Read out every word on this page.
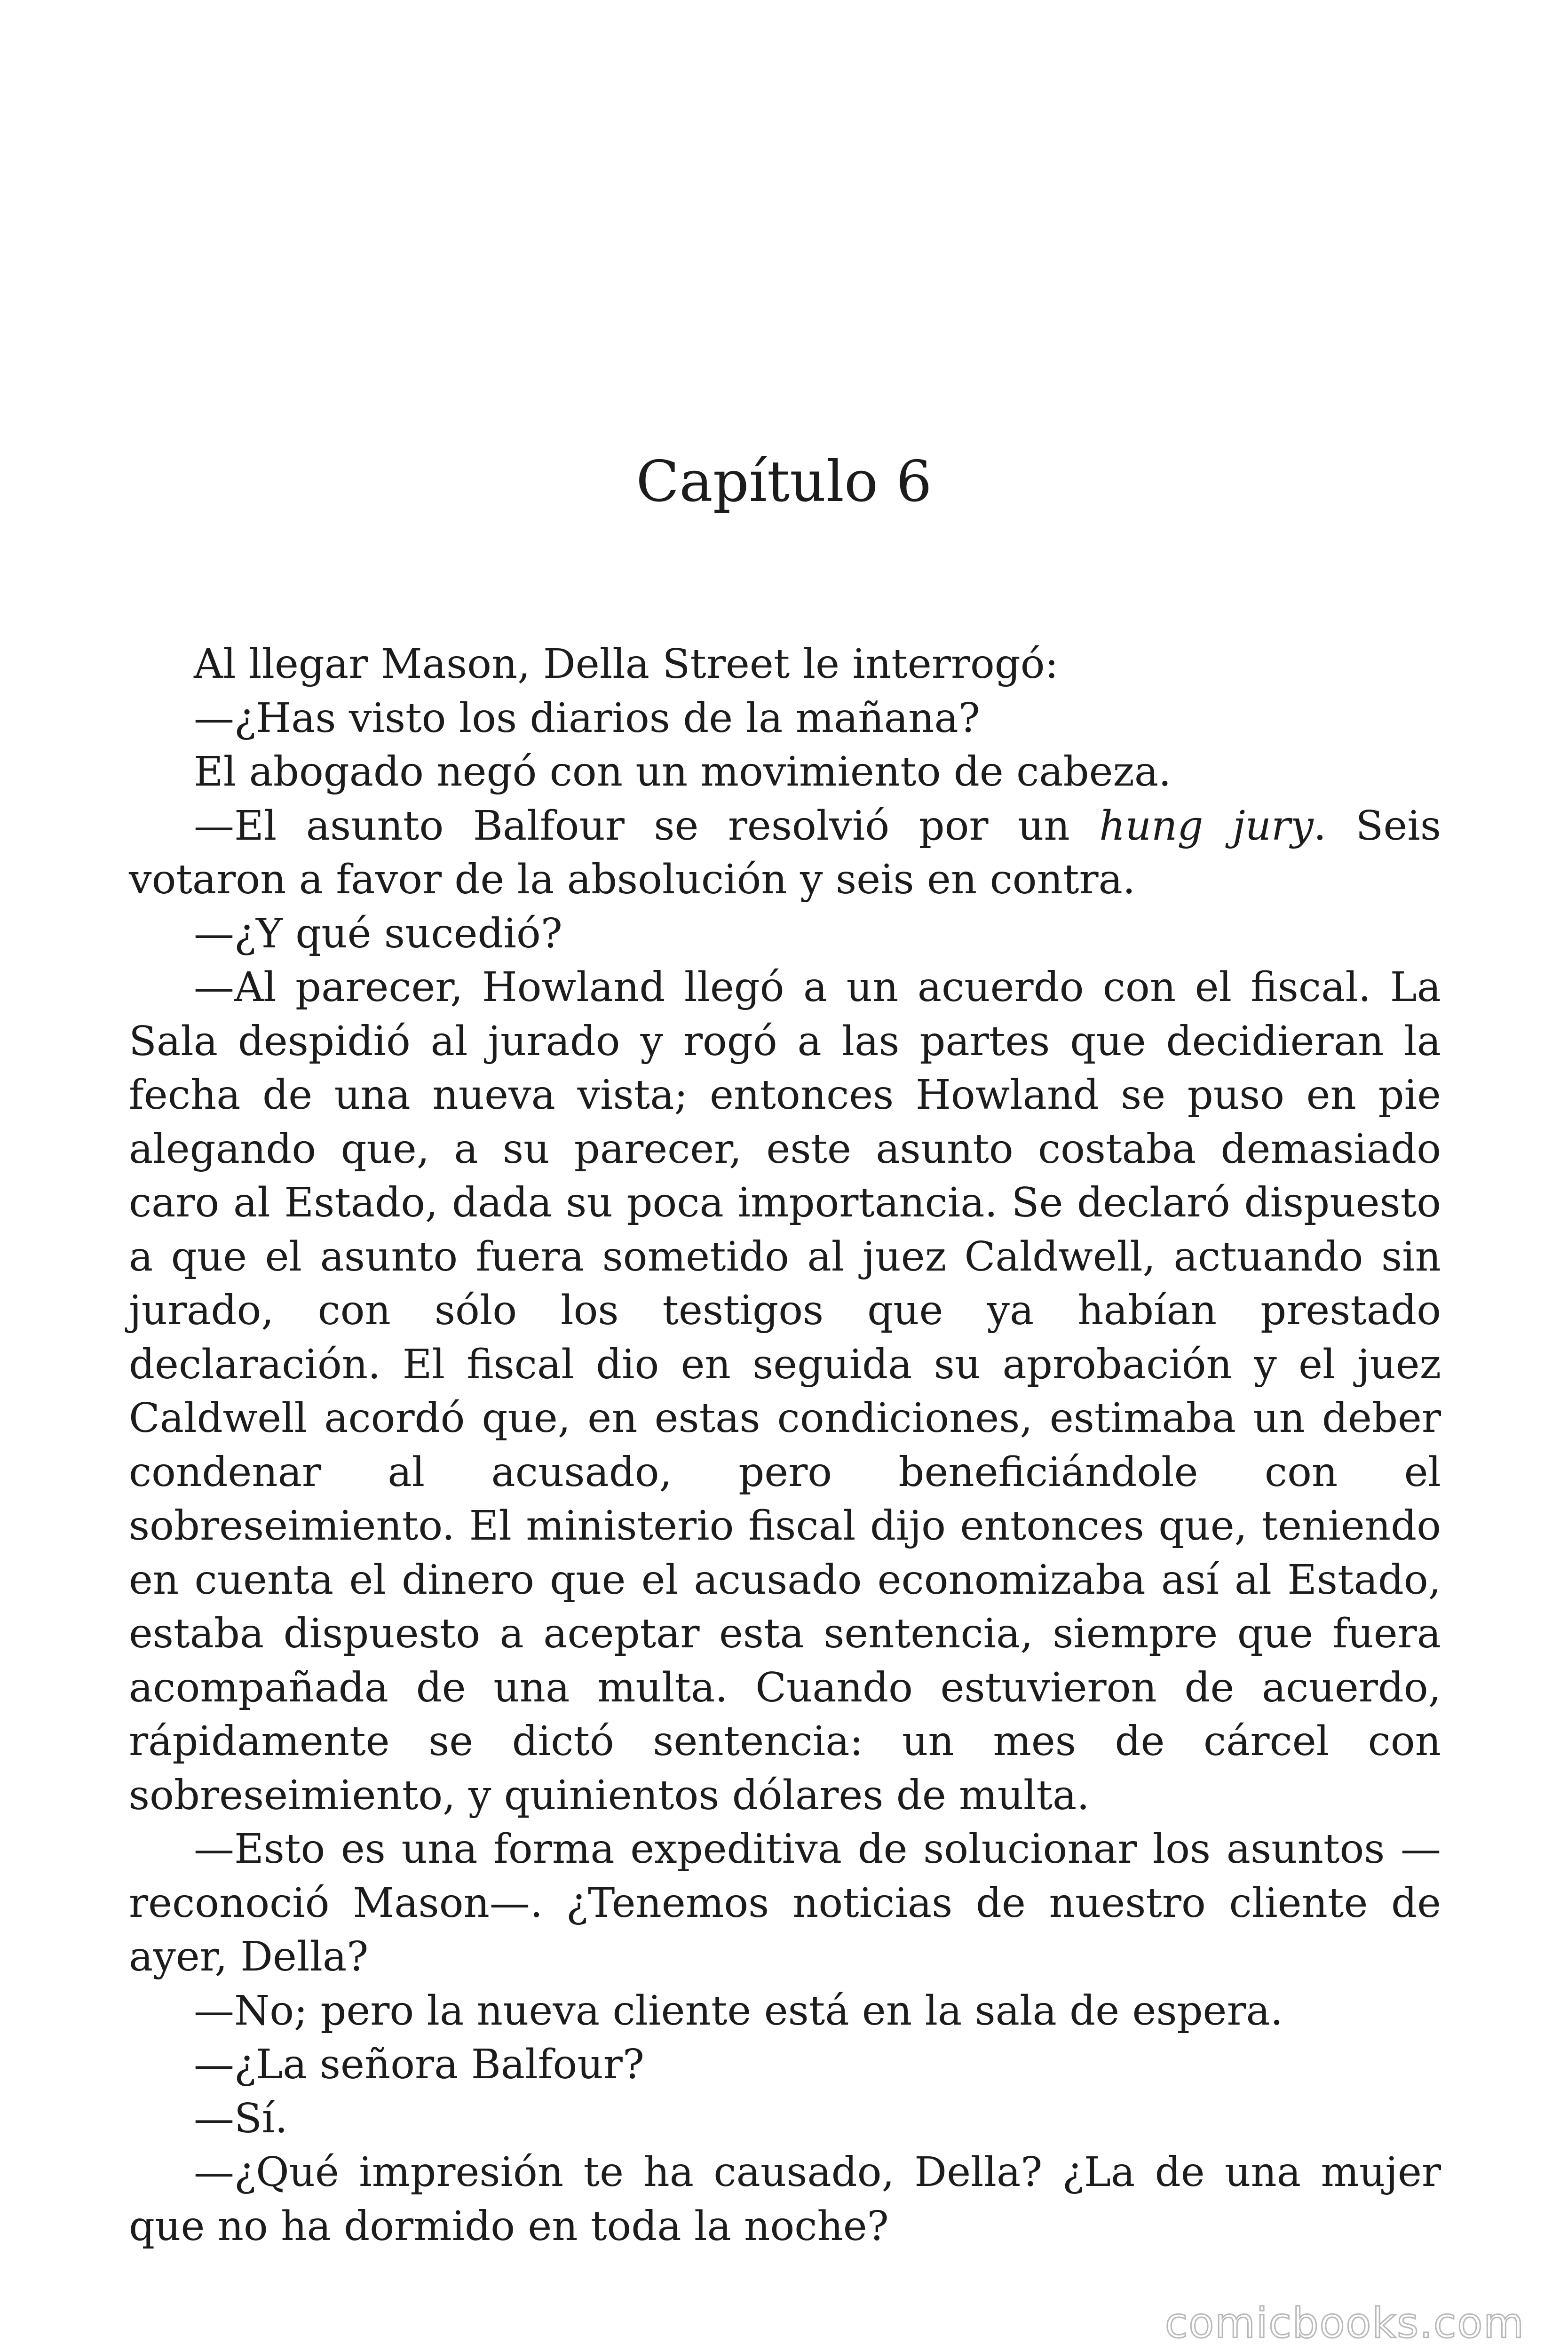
Capítulo 6

Al llegar Mason, Della Street le interrogó:

—¿Has visto los diarios de la mañana?

El abogado negó con un movimiento de cabeza.

—El asunto Balfour se resolvió por un hung jury. Seis votaron a favor de la absolución y seis en contra.

—¿Y qué sucedió?

—Al parecer, Howland llegó a un acuerdo con el fiscal. La Sala despidió al jurado y rogó a las partes que decidieran la fecha de una nueva vista; entonces Howland se puso en pie alegando que, a su parecer, este asunto costaba demasiado caro al Estado, dada su poca importancia. Se declaró dispuesto a que el asunto fuera sometido al juez Caldwell, actuando sin jurado, con sólo los testigos que ya habían prestado declaración. El fiscal dio en seguida su aprobación y el juez Caldwell acordó que, en estas condiciones, estimaba un deber condenar al acusado, pero beneficiándole con el sobreseimiento. El ministerio fiscal dijo entonces que, teniendo en cuenta el dinero que el acusado economizaba así al Estado, estaba dispuesto a aceptar esta sentencia, siempre que fuera acompañada de una multa. Cuando estuvieron de acuerdo, rápidamente se dictó sentencia: un mes de cárcel con sobreseimiento, y quinientos dólares de multa.

—Esto es una forma expeditiva de solucionar los asuntos —reconoció Mason—. ¿Tenemos noticias de nuestro cliente de ayer, Della?

—No; pero la nueva cliente está en la sala de espera.

—¿La señora Balfour?

—Sí.

—¿Qué impresión te ha causado, Della? ¿La de una mujer que no ha dormido en toda la noche?

comicbooks.com
